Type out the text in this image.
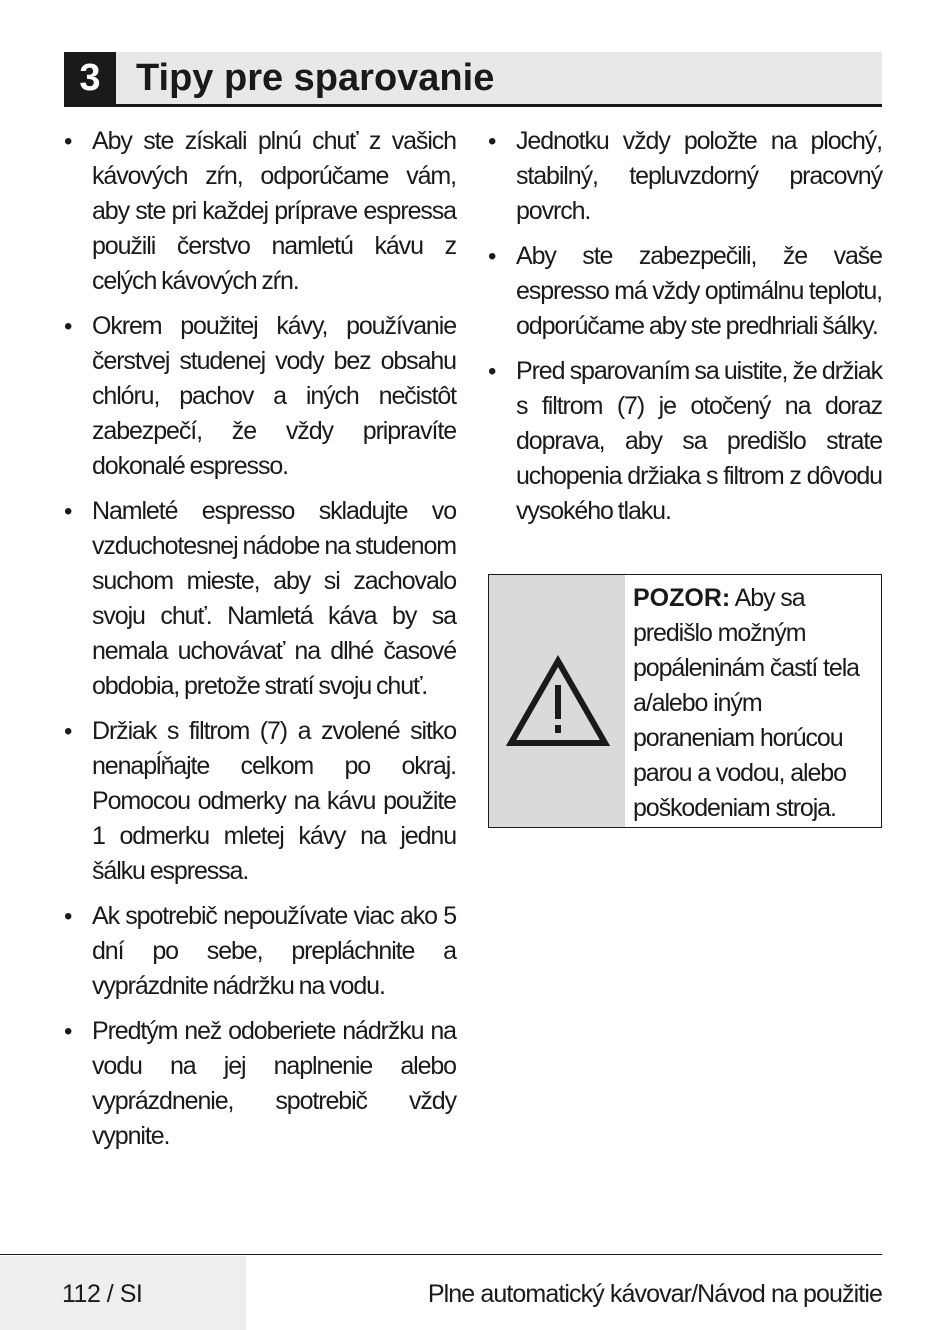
3 Tipy pre sparovanie
• Aby ste získali plnú chuť z vašich kávových zŕn, odporúčame vám, aby ste pri každej príprave espressa použili čerstvo namletú kávu z celých kávových zŕn.
• Okrem použitej kávy, používanie čerstvej studenej vody bez obsahu chlóru, pachov a iných nečistôt zabezpečí, že vždy pripravíte dokonalé espresso.
• Namleté espresso skladujte vo vzduchotesnej nádobe na studenom suchom mieste, aby si zachovalo svoju chuť. Namletá káva by sa nemala uchovávať na dlhé časové obdobia, pretože stratí svoju chuť.
• Držiak s filtrom (7) a zvolené sitko nenapĺňajte celkom po okraj. Pomocou odmerky na kávu použite 1 odmerku mletej kávy na jednu šálku espressa.
• Ak spotrebič nepoužívate viac ako 5 dní po sebe, prepláchnite a vyprázdnite nádržku na vodu.
• Predtým než odoberiete nádržku na vodu na jej naplnenie alebo vyprázdnenie, spotrebič vždy vypnite.
• Jednotku vždy položte na plochý, stabilný, tepluvzdorný pracovný povrch.
• Aby ste zabezpečili, že vaše espresso má vždy optimálnu teplotu, odporúčame aby ste predhriali šálky.
• Pred sparovaním sa uistite, že držiak s filtrom (7) je otočený na doraz doprava, aby sa predišlo strate uchopenia držiaka s filtrom z dôvodu vysokého tlaku.

POZOR: Aby sa predišlo možným popáleninám častí tela a/alebo iným poraneniam horúcou parou a vodou, alebo poškodeniam stroja.

112 / SI	Plne automatický kávovar/Návod na použitie
